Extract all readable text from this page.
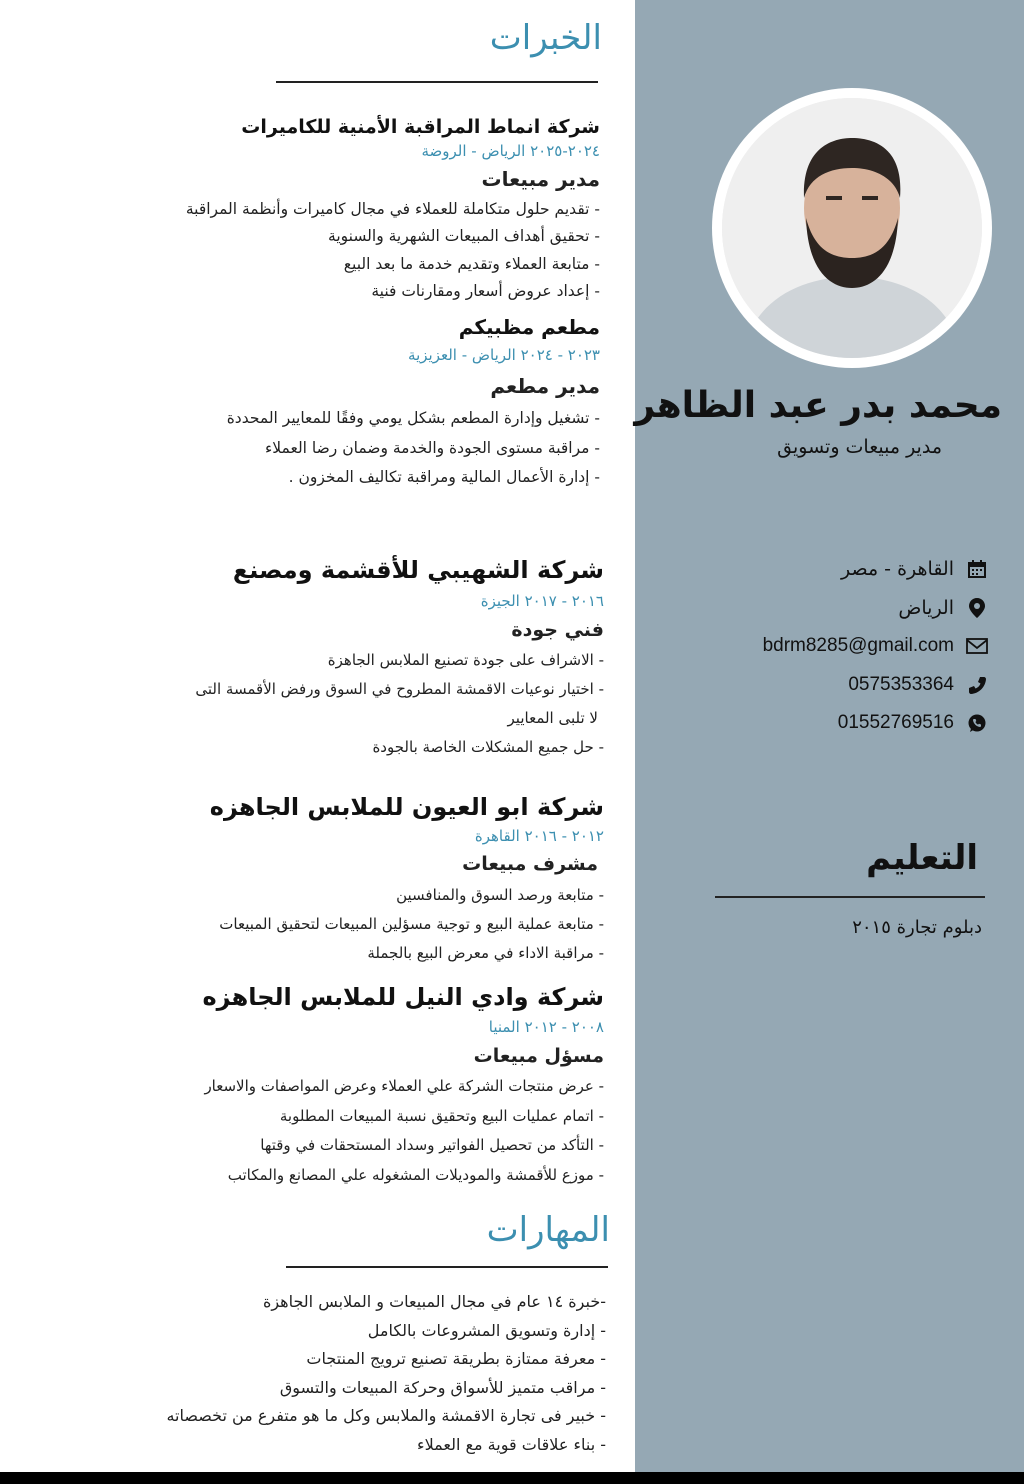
محمد بدر عبد الظاهر
مدير مبيعات وتسويق
القاهرة - مصر
الرياض
bdrm8285@gmail.com
0575353364
01552769516
التعليم
دبلوم تجارة ٢٠١٥
الخبرات
شركة انماط المراقبة الأمنية للكاميرات
٢٠٢٤-٢٠٢٥ الرياض - الروضة
مدير مبيعات
- تقديم حلول متكاملة للعملاء في مجال كاميرات وأنظمة المراقبة
- تحقيق أهداف المبيعات الشهرية والسنوية
- متابعة العملاء وتقديم خدمة ما بعد البيع
- إعداد عروض أسعار ومقارنات فنية
مطعم مظبيكم
٢٠٢٣ - ٢٠٢٤ الرياض - العزيزية
مدير مطعم
- تشغيل وإدارة المطعم بشكل يومي وفقًا للمعايير المحددة
- مراقبة مستوى الجودة والخدمة وضمان رضا العملاء
- إدارة الأعمال المالية ومراقبة تكاليف المخزون .
شركة الشهيبي للأقشمة ومصنع
٢٠١٦ - ٢٠١٧ الجيزة
فني جودة
- الاشراف على جودة تصنيع الملابس الجاهزة
- اختيار نوعيات الاقمشة المطروح في السوق ورفض الأقمسة التى
لا تلبى المعايير
- حل جميع المشكلات الخاصة بالجودة
شركة ابو العيون للملابس الجاهزه
٢٠١٢ - ٢٠١٦ القاهرة
مشرف مبيعات
- متابعة ورصد السوق والمنافسين
- متابعة عملية البيع و توجية مسؤلين المبيعات لتحقيق المبيعات
- مراقبة الاداء في معرض البيع بالجملة
شركة وادي النيل للملابس الجاهزه
٢٠٠٨ - ٢٠١٢ المنيا
مسؤل مبيعات
- عرض منتجات الشركة علي العملاء وعرض المواصفات والاسعار
- اتمام عمليات البيع وتحقيق نسبة المبيعات المطلوبة
- التأكد من تحصيل الفواتير وسداد المستحقات في وقتها
- موزع للأقمشة والموديلات المشغوله علي المصانع والمكاتب
المهارات
-خبرة ١٤ عام في مجال المبيعات و الملابس الجاهزة
- إدارة وتسويق المشروعات بالكامل
- معرفة ممتازة بطريقة تصنيع ترويج المنتجات
- مراقب متميز للأسواق وحركة المبيعات والتسوق
- خبير فى تجارة الاقمشة والملابس وكل ما هو متفرع من تخصصاته
- بناء علاقات قوية مع العملاء
